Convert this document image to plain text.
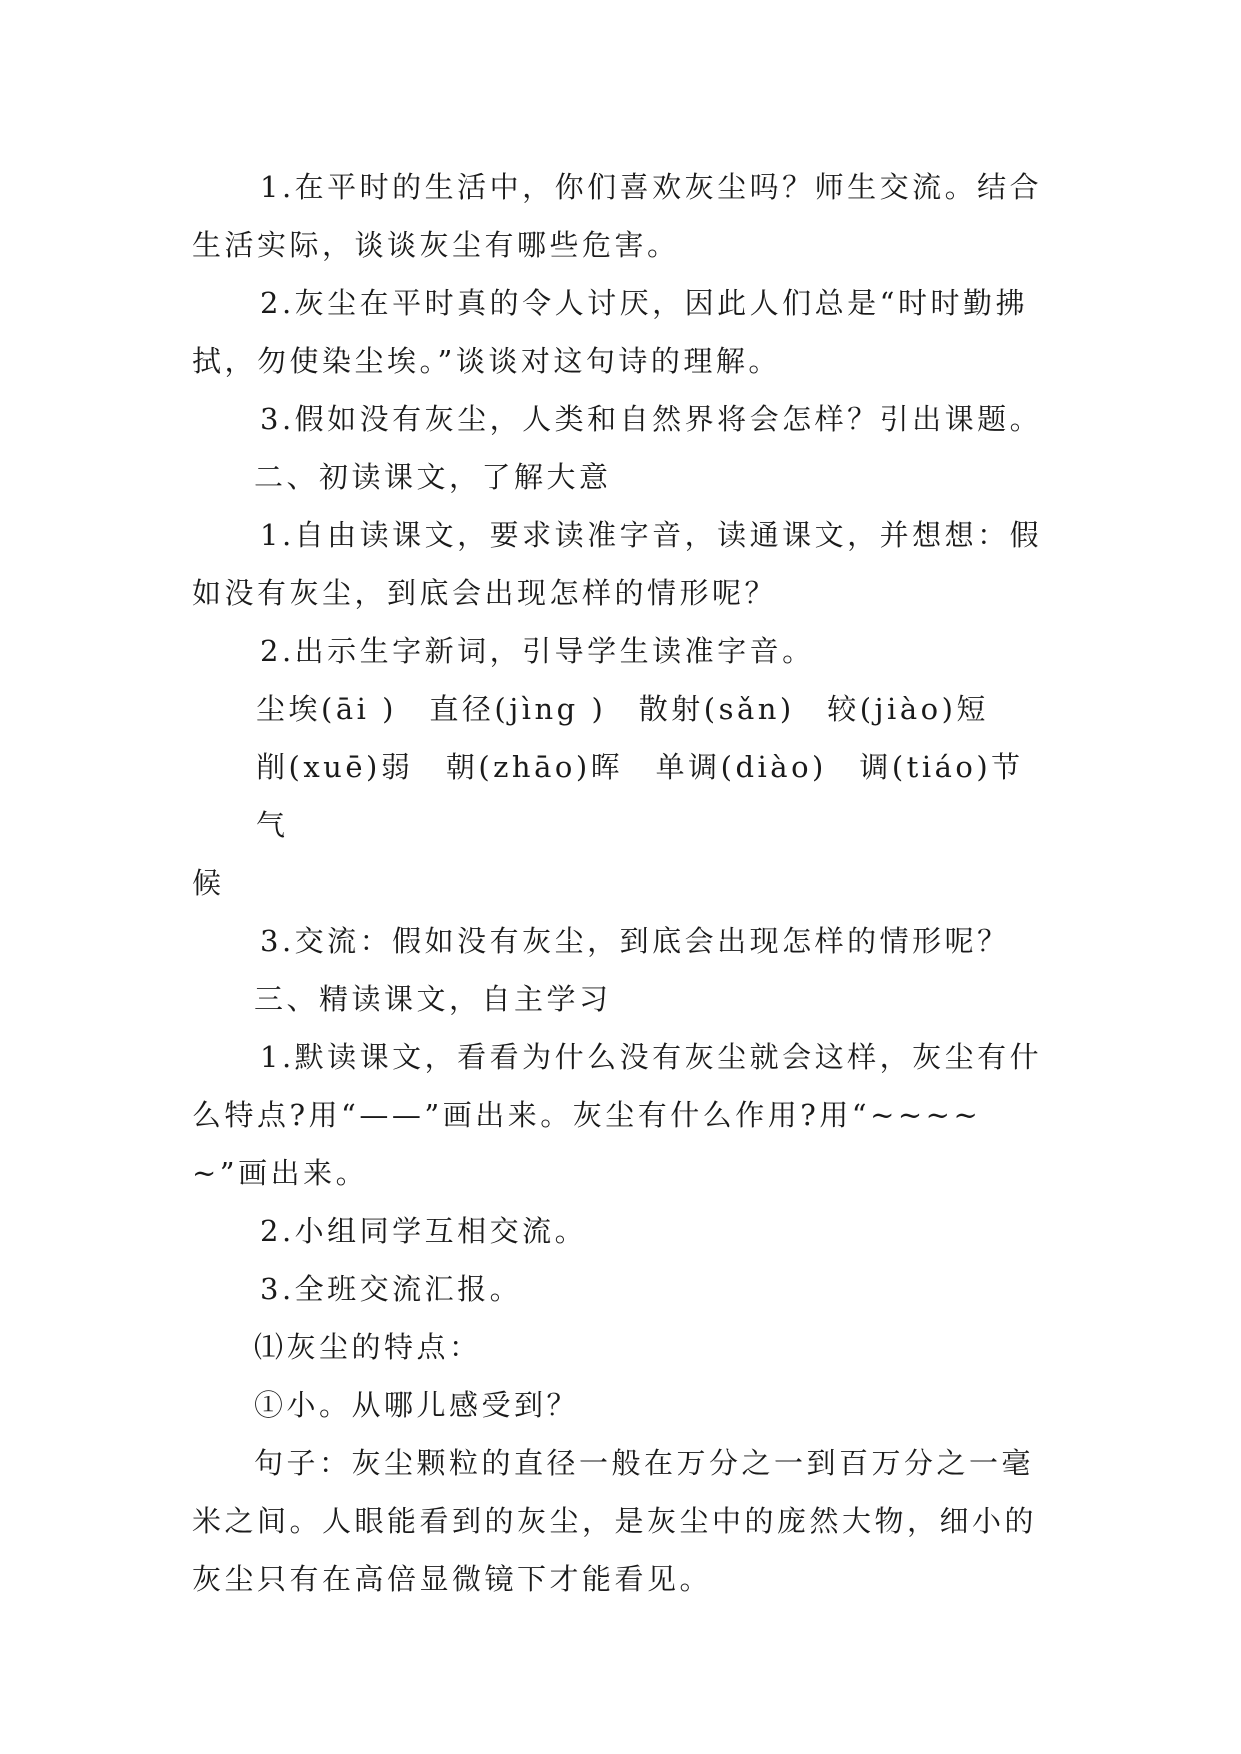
1.在平时的生活中，你们喜欢灰尘吗？师生交流。结合生活实际，谈谈灰尘有哪些危害。

2.灰尘在平时真的令人讨厌，因此人们总是“时时勤拂拭，勿使染尘埃。”谈谈对这句诗的理解。

3.假如没有灰尘，人类和自然界将会怎样？引出课题。

二、初读课文，了解大意

1.自由读课文，要求读准字音，读通课文，并想想：假如没有灰尘，到底会出现怎样的情形呢？

2.出示生字新词，引导学生读准字音。

尘埃(āi )　直径(jìng )　散射(sǎn)　较(jiào)短

削(xuē)弱　朝(zhāo)晖　单调(diào)　调(tiáo)节气

候

3.交流：假如没有灰尘，到底会出现怎样的情形呢？

三、精读课文，自主学习

1.默读课文，看看为什么没有灰尘就会这样，灰尘有什么特点?用“——”画出来。灰尘有什么作用?用“~~~~~”画出来。

2.小组同学互相交流。

3.全班交流汇报。

⑴灰尘的特点：

①小。从哪儿感受到？

句子：灰尘颗粒的直径一般在万分之一到百万分之一毫米之间。人眼能看到的灰尘，是灰尘中的庞然大物，细小的灰尘只有在高倍显微镜下才能看见。
